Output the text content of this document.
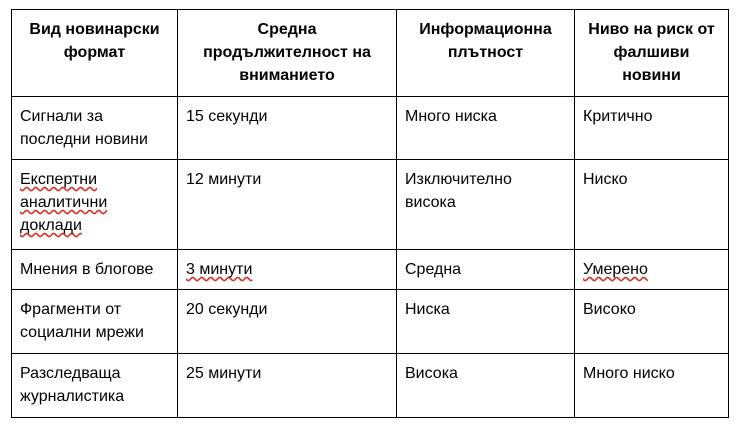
Вид новинарски формат	Средна продължителност на вниманието	Информационна плътност	Ниво на риск от фалшиви новини
Сигнали за последни новини	15 секунди	Много ниска	Критично
Експертни аналитични доклади	12 минути	Изключително висока	Ниско
Мнения в блогове	3 минути	Средна	Умерено
Фрагменти от социални мрежи	20 секунди	Ниска	Високо
Разследваща журналистика	25 минути	Висока	Много ниско
